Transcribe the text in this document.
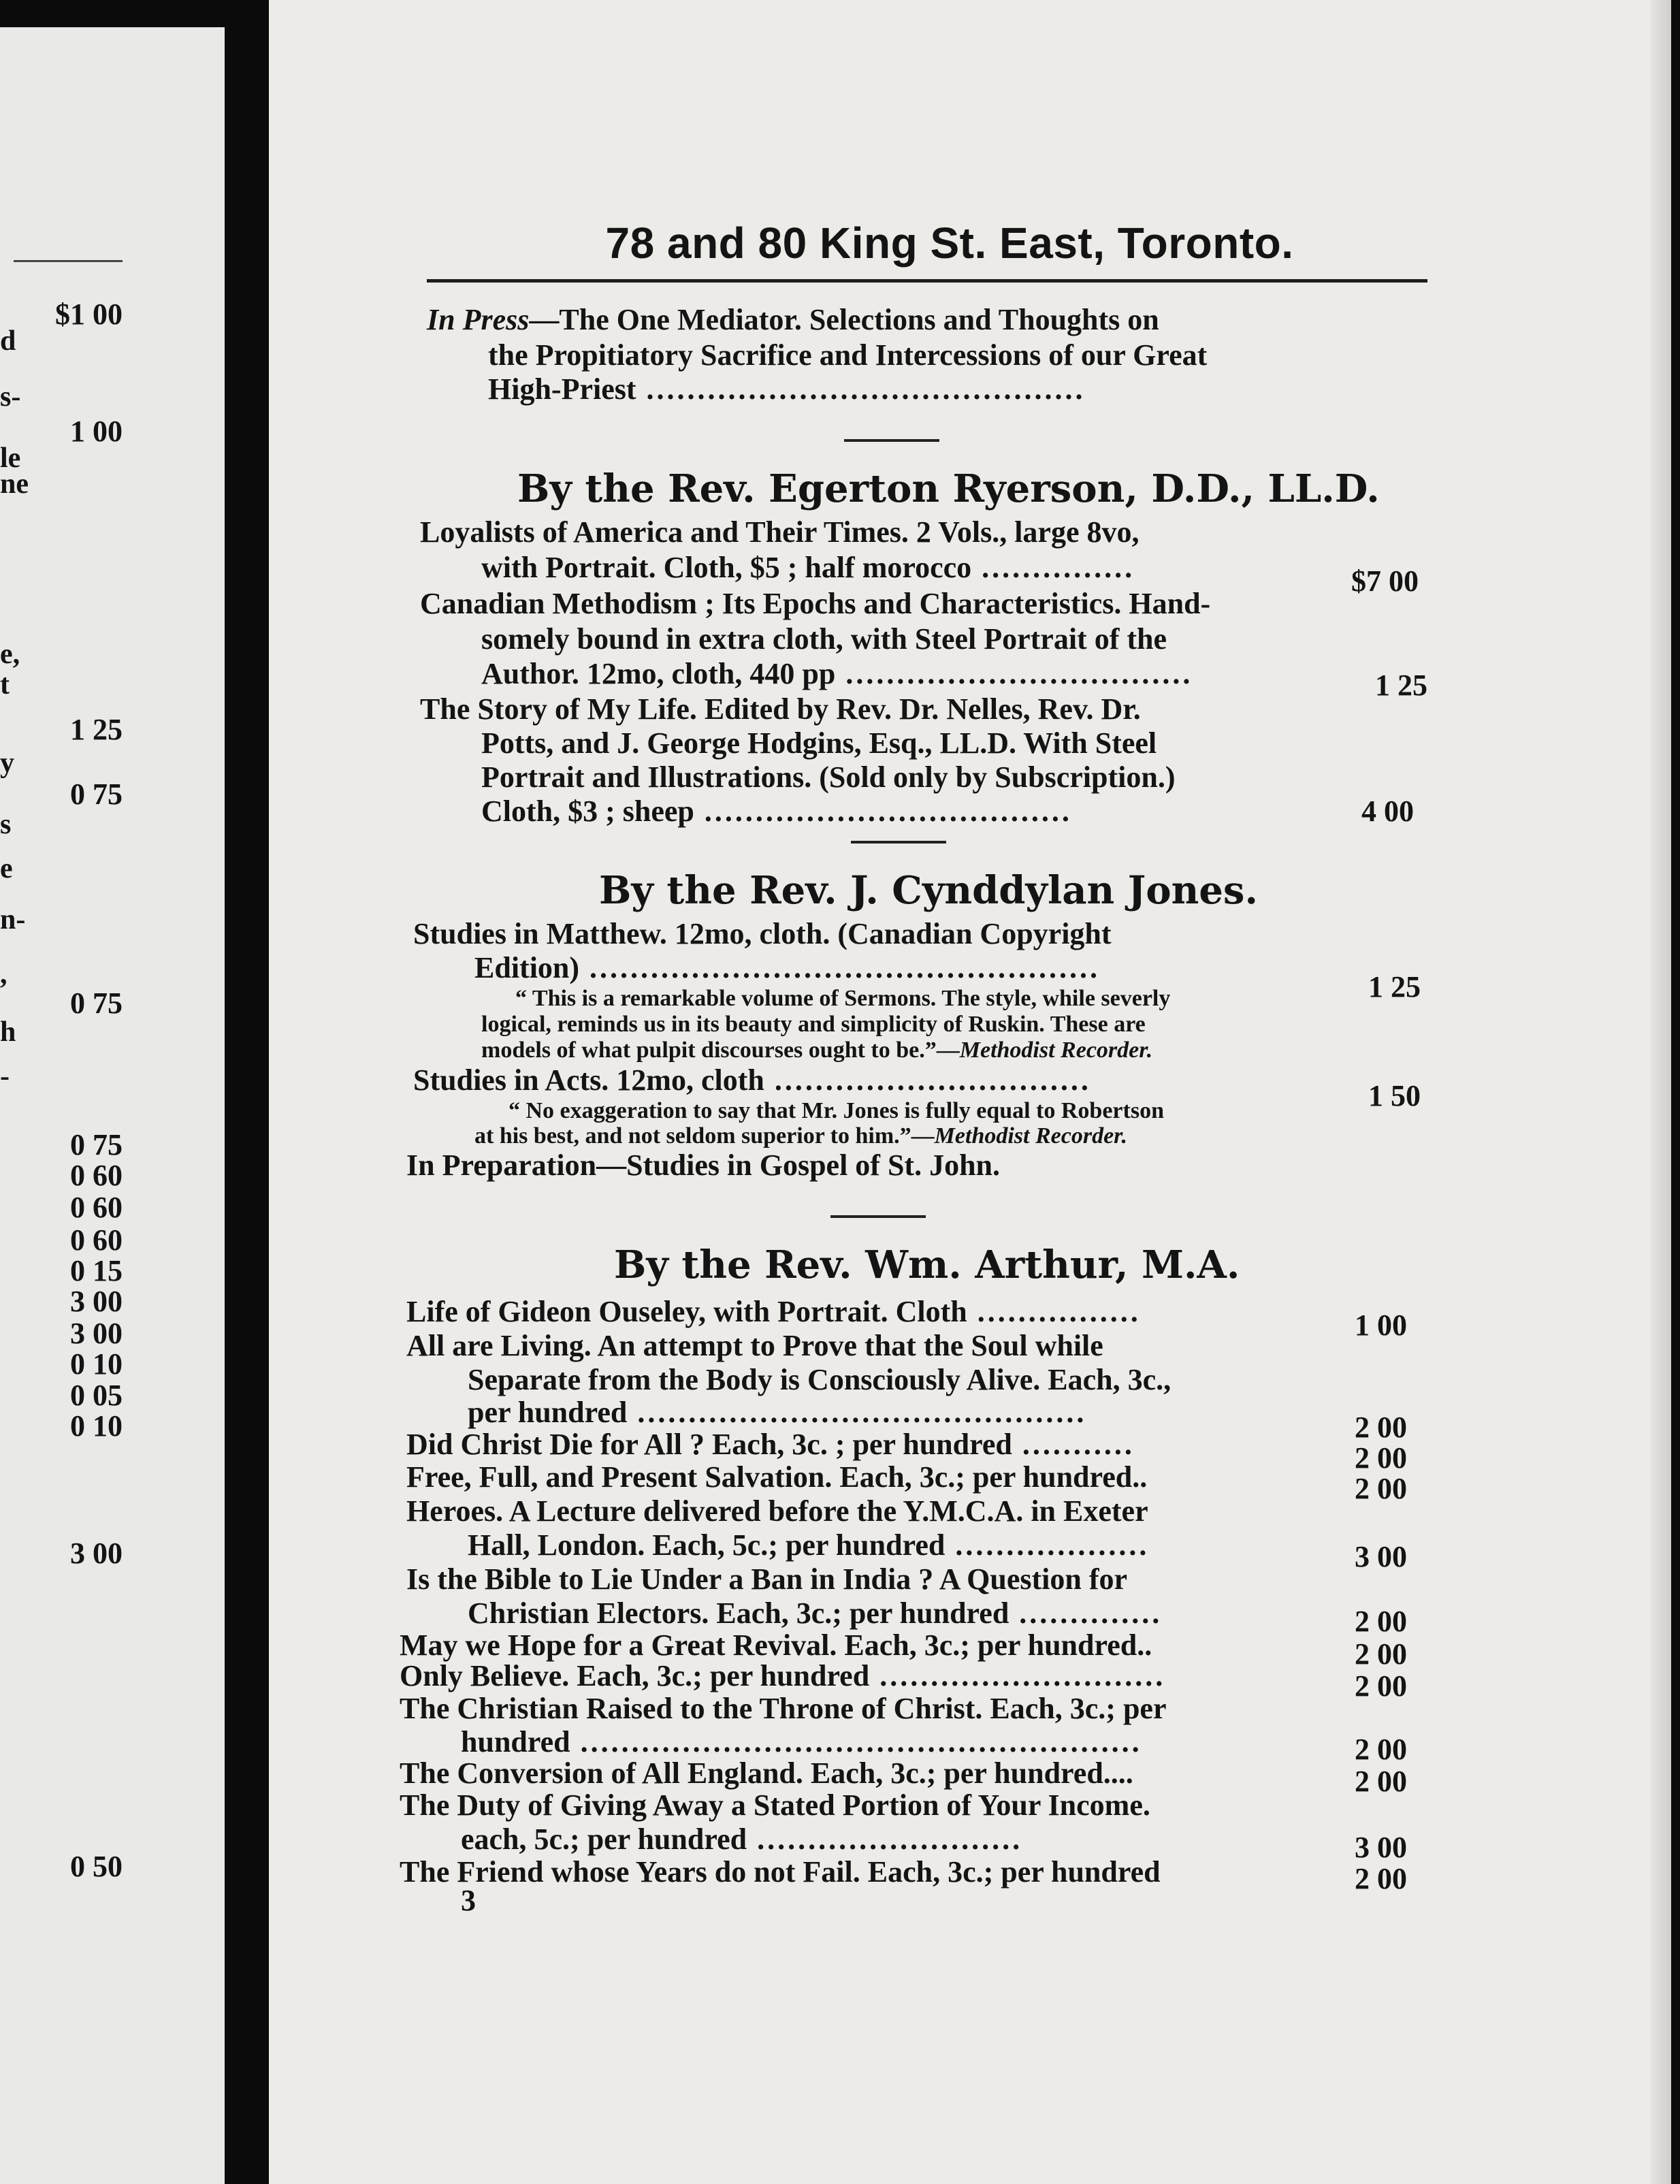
d
s-
le
ne
e,
t
y
s
e
n-
,
h
-
$1 00
1 00
1 25
0 75
0 75
0 75
0 60
0 60
0 60
0 15
3 00
3 00
0 10
0 05
0 10
3 00
0 50
78 and 80 King St. East, Toronto.
In Press—The One Mediator. Selections and Thoughts on
the Propitiatory Sacrifice and Intercessions of our Great
High-Priest ...........................................
By the Rev. Egerton Ryerson, D.D., LL.D.
Loyalists of America and Their Times. 2 Vols., large 8vo,
with Portrait. Cloth, $5 ; half morocco ...............	$7 00
Canadian Methodism ; Its Epochs and Characteristics. Hand-
somely bound in extra cloth, with Steel Portrait of the
Author. 12mo, cloth, 440 pp ..................................	1 25
The Story of My Life. Edited by Rev. Dr. Nelles, Rev. Dr.
Potts, and J. George Hodgins, Esq., LL.D. With Steel
Portrait and Illustrations. (Sold only by Subscription.)
Cloth, $3 ; sheep ....................................	4 00
By the Rev. J. Cynddylan Jones.
Studies in Matthew. 12mo, cloth. (Canadian Copyright
Edition) ..................................................
1 25
“ This is a remarkable volume of Sermons. The style, while severly
logical, reminds us in its beauty and simplicity of Ruskin. These are
models of what pulpit discourses ought to be.”—Methodist Recorder.
Studies in Acts. 12mo, cloth ...............................	1 50
“ No exaggeration to say that Mr. Jones is fully equal to Robertson
at his best, and not seldom superior to him.”—Methodist Recorder.
In Preparation—Studies in Gospel of St. John.
By the Rev. Wm. Arthur, M.A.
Life of Gideon Ouseley, with Portrait. Cloth ................	1 00
All are Living. An attempt to Prove that the Soul while
Separate from the Body is Consciously Alive. Each, 3c.,
per hundred ............................................	2 00
Did Christ Die for All ? Each, 3c. ; per hundred ...........	2 00
Free, Full, and Present Salvation. Each, 3c.; per hundred..	2 00
Heroes. A Lecture delivered before the Y.M.C.A. in Exeter
Hall, London. Each, 5c.; per hundred ...................	3 00
Is the Bible to Lie Under a Ban in India ? A Question for
Christian Electors. Each, 3c.; per hundred ..............	2 00
May we Hope for a Great Revival. Each, 3c.; per hundred..	2 00
Only Believe. Each, 3c.; per hundred ............................	2 00
The Christian Raised to the Throne of Christ. Each, 3c.; per
hundred .......................................................	2 00
The Conversion of All England. Each, 3c.; per hundred....	2 00
The Duty of Giving Away a Stated Portion of Your Income.
each, 5c.; per hundred ..........................	3 00
The Friend whose Years do not Fail. Each, 3c.; per hundred	2 00
3
